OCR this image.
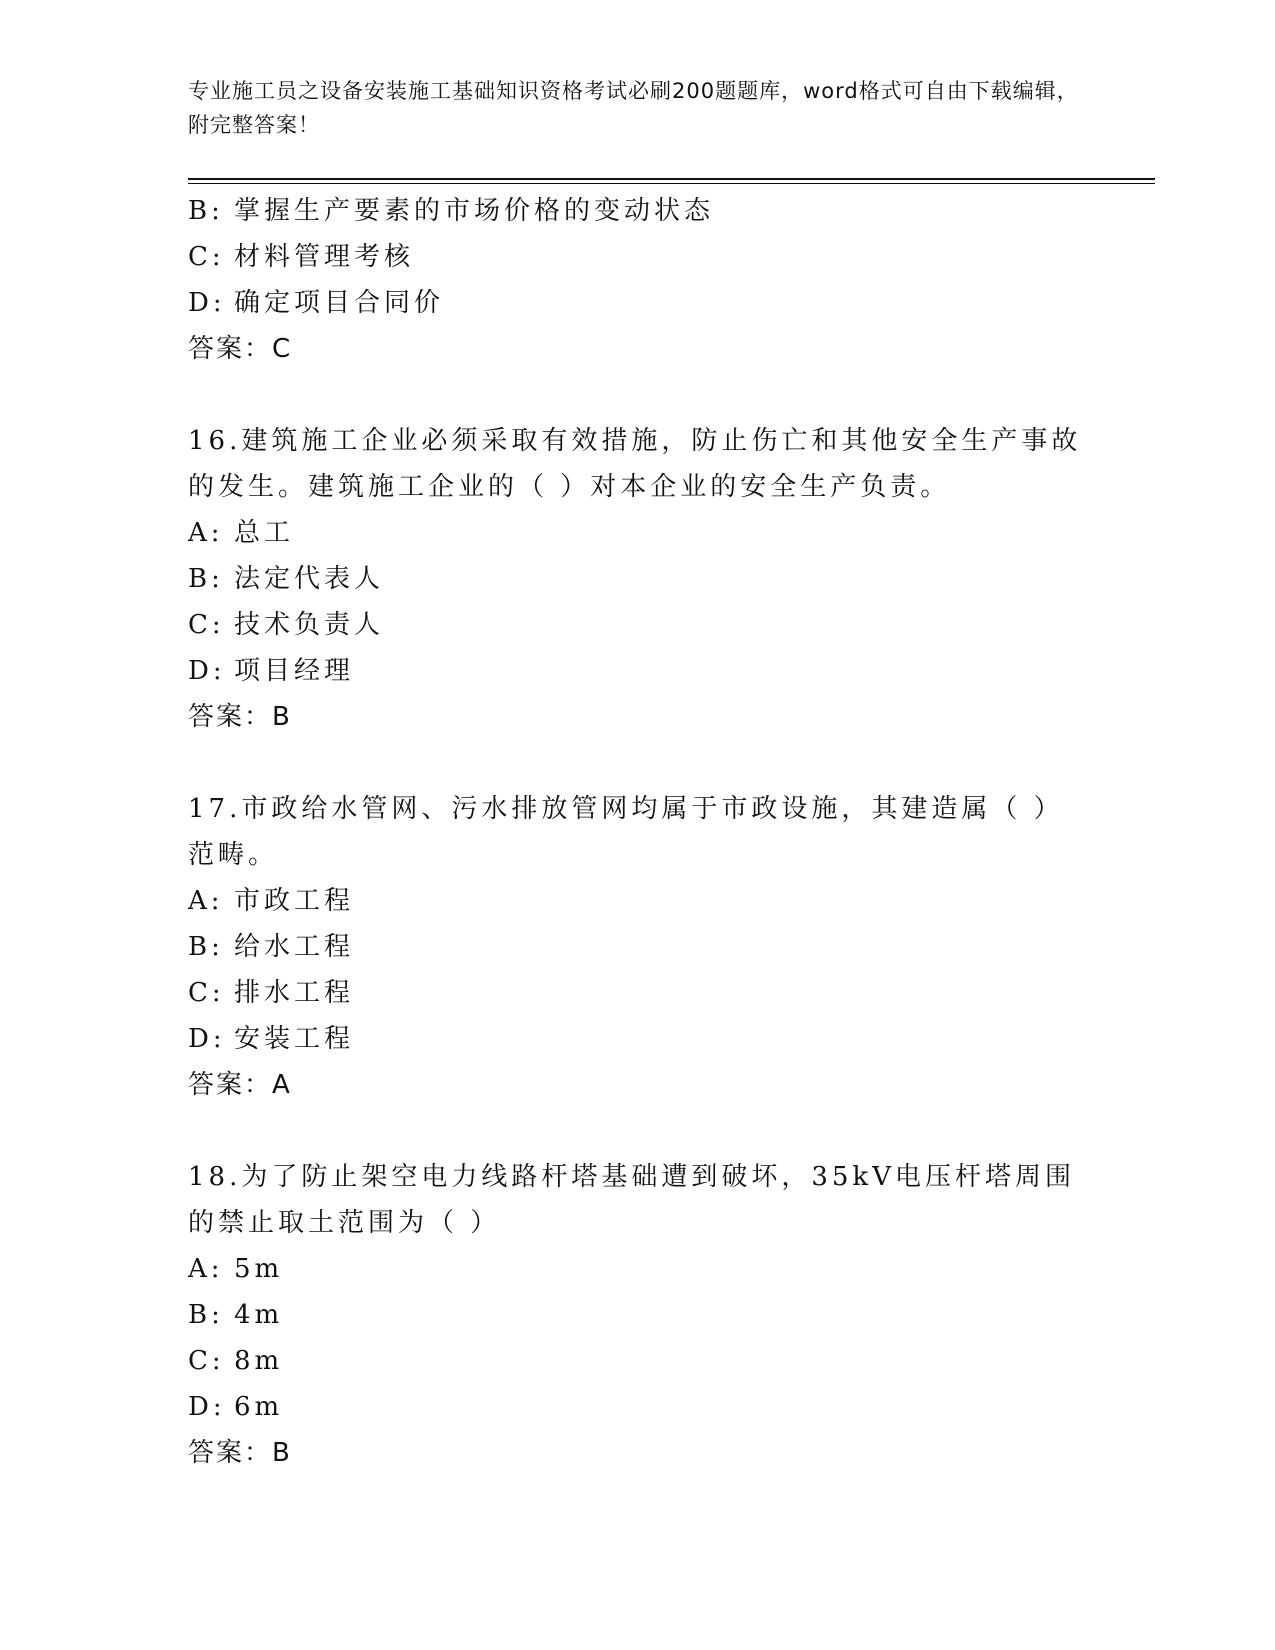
专业施工员之设备安装施工基础知识资格考试必刷200题题库，word格式可自由下载编辑，附完整答案！
B: 掌握生产要素的市场价格的变动状态
C: 材料管理考核
D: 确定项目合同价
答案：C
16.建筑施工企业必须采取有效措施，防止伤亡和其他安全生产事故的发生。建筑施工企业的（ ）对本企业的安全生产负责。
A: 总工
B: 法定代表人
C: 技术负责人
D: 项目经理
答案：B
17.市政给水管网、污水排放管网均属于市政设施，其建造属（ ）范畴。
A: 市政工程
B: 给水工程
C: 排水工程
D: 安装工程
答案：A
18.为了防止架空电力线路杆塔基础遭到破坏，35kV电压杆塔周围的禁止取土范围为（ ）
A: 5m
B: 4m
C: 8m
D: 6m
答案：B
